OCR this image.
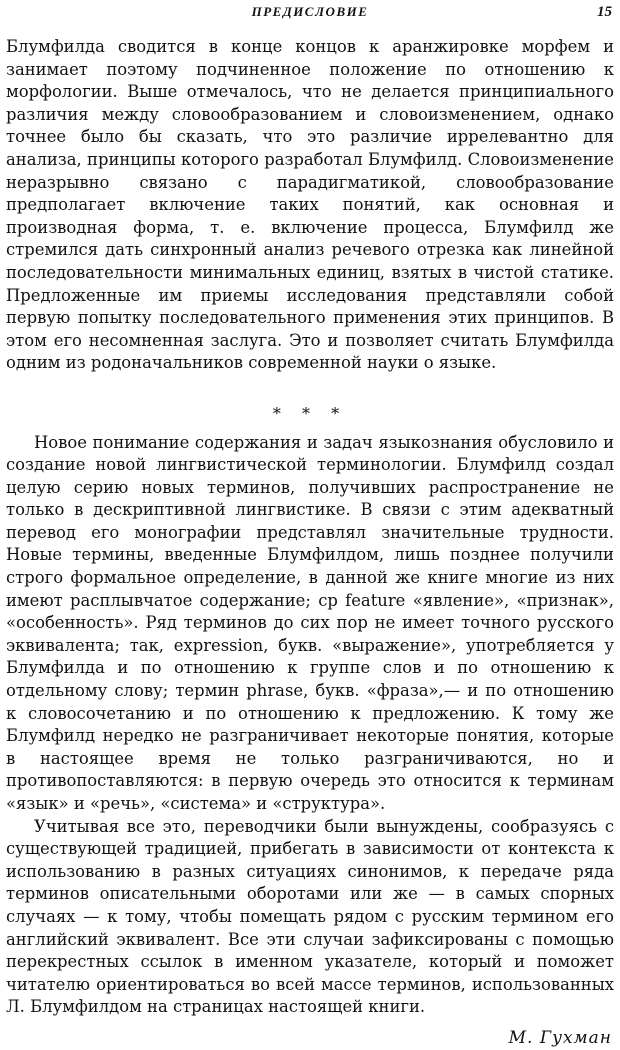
ПРЕДИСЛОВИЕ	15

Блумфилда сводится в конце концов к аранжировке морфем и занимает поэтому подчиненное положение по отношению к морфологии. Выше отмечалось, что не делается принципиального различия между словообразованием и словоизменением, однако точнее было бы сказать, что это различие иррелевантно для анализа, принципы которого разработал Блумфилд. Словоизменение неразрывно связано с парадигматикой, словообразование предполагает включение таких понятий, как основная и производная форма, т. е. включение процесса, Блумфилд же стремился дать синхронный анализ речевого отрезка как линейной последовательности минимальных единиц, взятых в чистой статике. Предложенные им приемы исследования представляли собой первую попытку последовательного применения этих принципов. В этом его несомненная заслуга. Это и позволяет считать Блумфилда одним из родоначальников современной науки о языке.

* * *

Новое понимание содержания и задач языкознания обусловило и создание новой лингвистической терминологии. Блумфилд создал целую серию новых терминов, получивших распространение не только в дескриптивной лингвистике. В связи с этим адекватный перевод его монографии представлял значительные трудности. Новые термины, введенные Блумфилдом, лишь позднее получили строго формальное определение, в данной же книге многие из них имеют расплывчатое содержание; ср feature «явление», «признак», «особенность». Ряд терминов до сих пор не имеет точного русского эквивалента; так, expression, букв. «выражение», употребляется у Блумфилда и по отношению к группе слов и по отношению к отдельному слову; термин phrase, букв. «фраза»,— и по отношению к словосочетанию и по отношению к предложению. К тому же Блумфилд нередко не разграничивает некоторые понятия, которые в настоящее время не только разграничиваются, но и противопоставляются: в первую очередь это относится к терминам «язык» и «речь», «система» и «структура».

Учитывая все это, переводчики были вынуждены, сообразуясь с существующей традицией, прибегать в зависимости от контекста к использованию в разных ситуациях синонимов, к передаче ряда терминов описательными оборотами или же — в самых спорных случаях — к тому, чтобы помещать рядом с русским термином его английский эквивалент. Все эти случаи зафиксированы с помощью перекрестных ссылок в именном указателе, который и поможет читателю ориентироваться во всей массе терминов, использованных Л. Блумфилдом на страницах настоящей книги.

М. Гухман
